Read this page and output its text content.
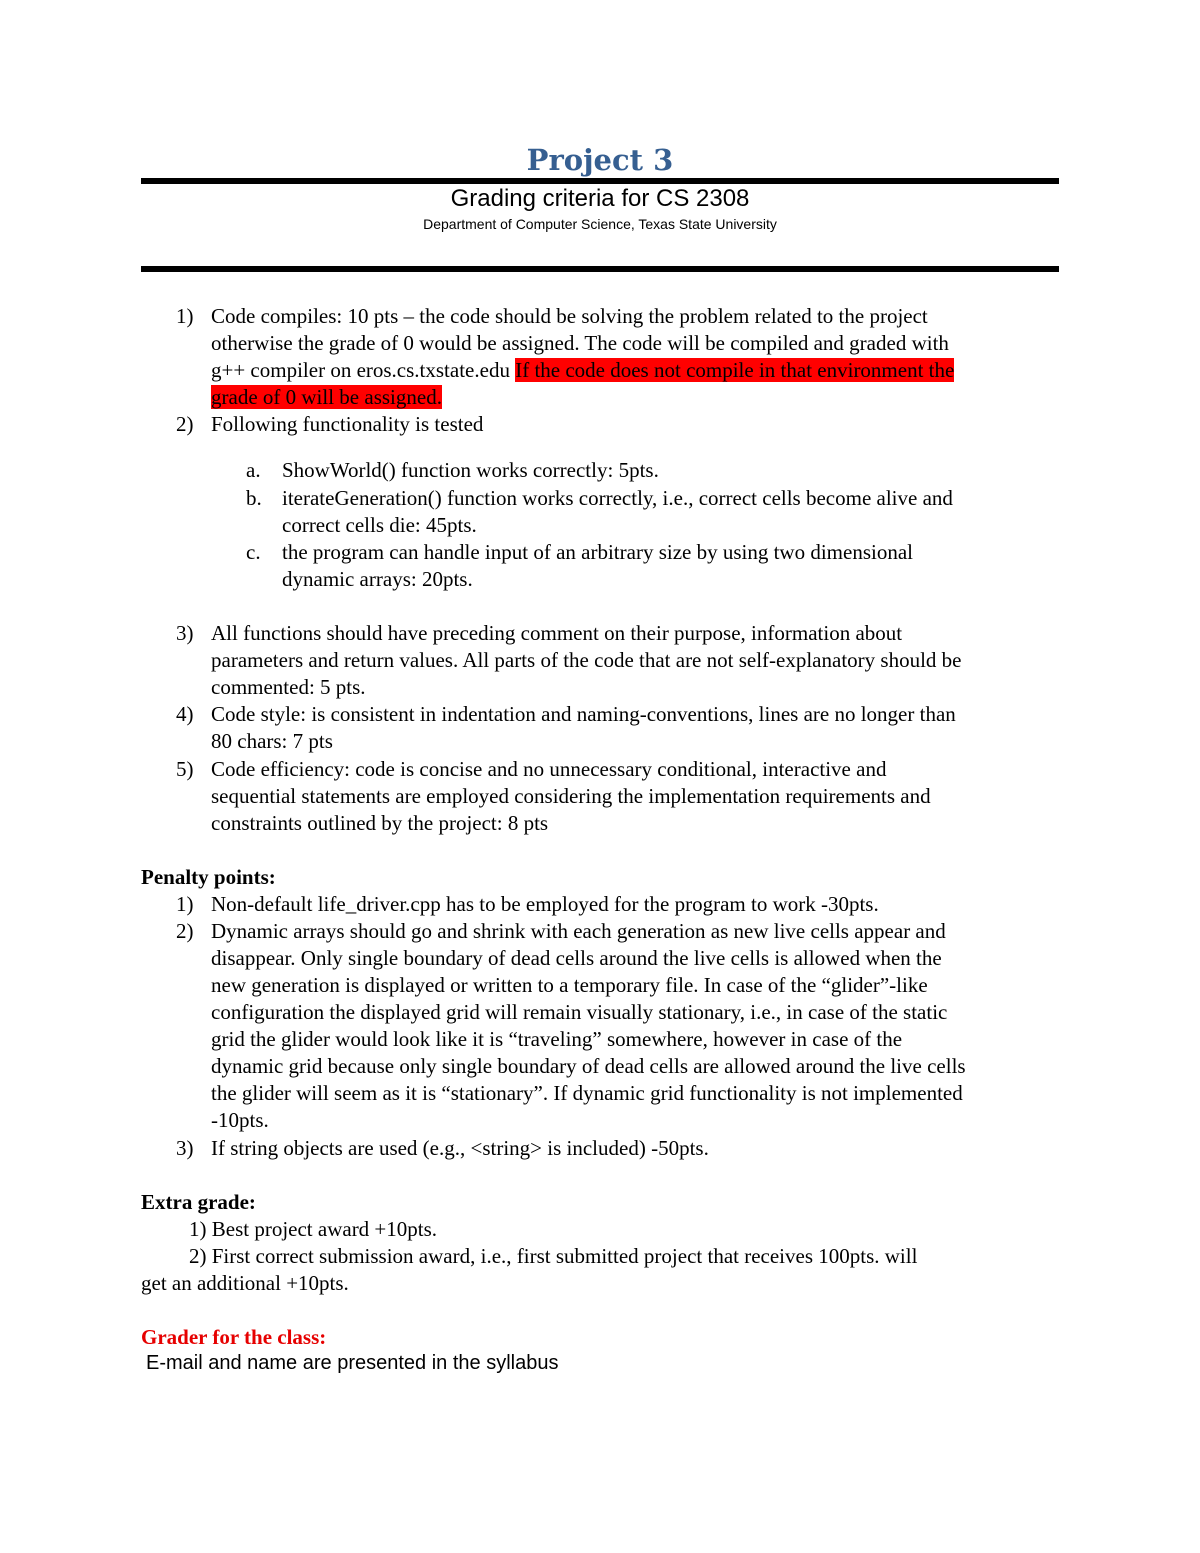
Project 3
Grading criteria for CS 2308
Department of Computer Science, Texas State University
1) Code compiles: 10 pts – the code should be solving the problem related to the project
otherwise the grade of 0 would be assigned. The code will be compiled and graded with
g++ compiler on eros.cs.txstate.edu If the code does not compile in that environment the
grade of 0 will be assigned.
2) Following functionality is tested
a. ShowWorld() function works correctly: 5pts.
b. iterateGeneration() function works correctly, i.e., correct cells become alive and
correct cells die: 45pts.
c. the program can handle input of an arbitrary size by using two dimensional
dynamic arrays: 20pts.
3) All functions should have preceding comment on their purpose, information about
parameters and return values. All parts of the code that are not self-explanatory should be
commented: 5 pts.
4) Code style: is consistent in indentation and naming-conventions, lines are no longer than
80 chars: 7 pts
5) Code efficiency: code is concise and no unnecessary conditional, interactive and
sequential statements are employed considering the implementation requirements and
constraints outlined by the project: 8 pts
Penalty points:
1) Non-default life_driver.cpp has to be employed for the program to work -30pts.
2) Dynamic arrays should go and shrink with each generation as new live cells appear and
disappear. Only single boundary of dead cells around the live cells is allowed when the
new generation is displayed or written to a temporary file. In case of the “glider”-like
configuration the displayed grid will remain visually stationary, i.e., in case of the static
grid the glider would look like it is “traveling” somewhere, however in case of the
dynamic grid because only single boundary of dead cells are allowed around the live cells
the glider will seem as it is “stationary”. If dynamic grid functionality is not implemented
-10pts.
3) If string objects are used (e.g., <string> is included) -50pts.
Extra grade:
1) Best project award +10pts.
2) First correct submission award, i.e., first submitted project that receives 100pts. will
get an additional +10pts.
Grader for the class:
E-mail and name are presented in the syllabus
